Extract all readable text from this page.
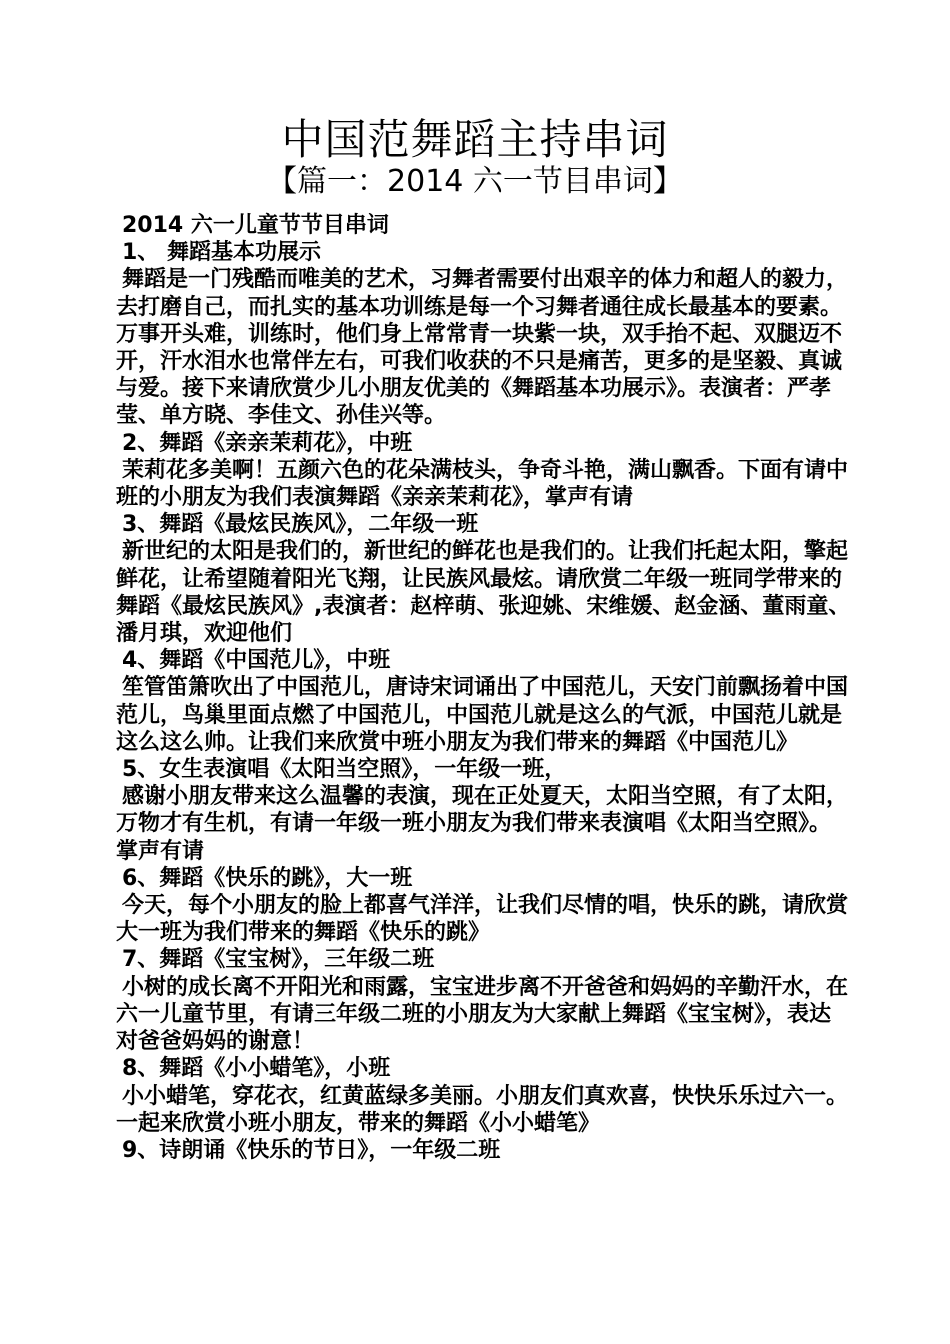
中国范舞蹈主持串词
【篇一：2014 六一节目串词】

2014 六一儿童节节目串词

1、 舞蹈基本功展示

舞蹈是一门残酷而唯美的艺术，习舞者需要付出艰辛的体力和超人的毅力，去打磨自己，而扎实的基本功训练是每一个习舞者通往成长最基本的要素。万事开头难，训练时，他们身上常常青一块紫一块，双手抬不起、双腿迈不开，汗水泪水也常伴左右，可我们收获的不只是痛苦，更多的是坚毅、真诚与爱。接下来请欣赏少儿小朋友优美的《舞蹈基本功展示》。表演者：严孝莹、单方晓、李佳文、孙佳兴等。

2、舞蹈《亲亲茉莉花》，中班

茉莉花多美啊！五颜六色的花朵满枝头，争奇斗艳，满山飘香。下面有请中班的小朋友为我们表演舞蹈《亲亲茉莉花》，掌声有请

3、舞蹈《最炫民族风》，二年级一班

新世纪的太阳是我们的，新世纪的鲜花也是我们的。让我们托起太阳，擎起鲜花，让希望随着阳光飞翔，让民族风最炫。请欣赏二年级一班同学带来的舞蹈《最炫民族风》,表演者：赵梓萌、张迎姚、宋维媛、赵金涵、董雨童、潘月琪，欢迎他们

4、舞蹈《中国范儿》，中班

笙管笛箫吹出了中国范儿，唐诗宋词诵出了中国范儿，天安门前飘扬着中国范儿，鸟巢里面点燃了中国范儿，中国范儿就是这么的气派，中国范儿就是这么这么帅。让我们来欣赏中班小朋友为我们带来的舞蹈《中国范儿》

5、女生表演唱《太阳当空照》，一年级一班，

感谢小朋友带来这么温馨的表演，现在正处夏天，太阳当空照，有了太阳，万物才有生机，有请一年级一班小朋友为我们带来表演唱《太阳当空照》。 掌声有请

6、舞蹈《快乐的跳》，大一班

今天，每个小朋友的脸上都喜气洋洋，让我们尽情的唱，快乐的跳，请欣赏大一班为我们带来的舞蹈《快乐的跳》

7、舞蹈《宝宝树》，三年级二班

小树的成长离不开阳光和雨露，宝宝进步离不开爸爸和妈妈的辛勤汗水，在六一儿童节里，有请三年级二班的小朋友为大家献上舞蹈《宝宝树》，表达对爸爸妈妈的谢意！

8、舞蹈《小小蜡笔》，小班

小小蜡笔，穿花衣，红黄蓝绿多美丽。小朋友们真欢喜，快快乐乐过六一。一起来欣赏小班小朋友，带来的舞蹈《小小蜡笔》

9、诗朗诵《快乐的节日》，一年级二班
